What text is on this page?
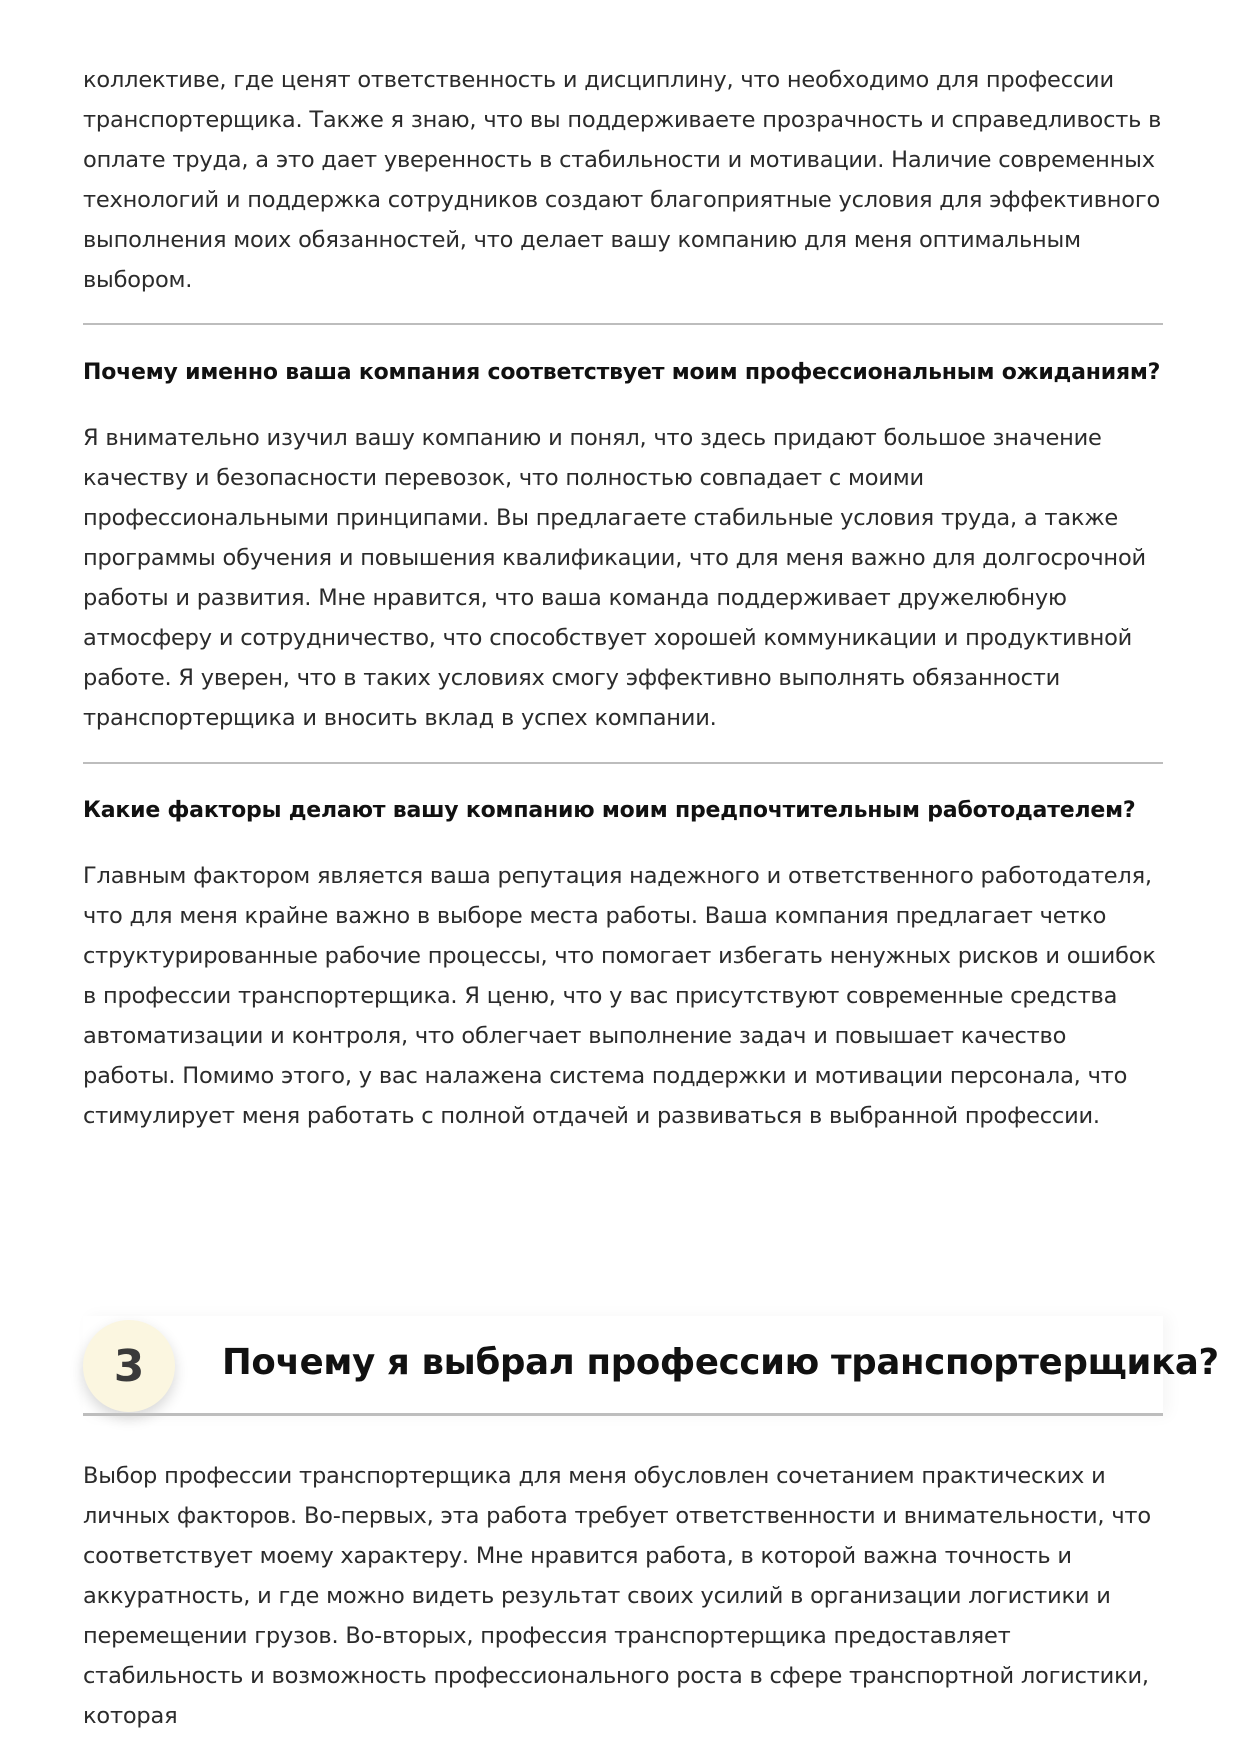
коллективе, где ценят ответственность и дисциплину, что необходимо для профессии транспортерщика. Также я знаю, что вы поддерживаете прозрачность и справедливость в оплате труда, а это дает уверенность в стабильности и мотивации. Наличие современных технологий и поддержка сотрудников создают благоприятные условия для эффективного выполнения моих обязанностей, что делает вашу компанию для меня оптимальным выбором.

Почему именно ваша компания соответствует моим профессиональным ожиданиям?

Я внимательно изучил вашу компанию и понял, что здесь придают большое значение качеству и безопасности перевозок, что полностью совпадает с моими профессиональными принципами. Вы предлагаете стабильные условия труда, а также программы обучения и повышения квалификации, что для меня важно для долгосрочной работы и развития. Мне нравится, что ваша команда поддерживает дружелюбную атмосферу и сотрудничество, что способствует хорошей коммуникации и продуктивной работе. Я уверен, что в таких условиях смогу эффективно выполнять обязанности транспортерщика и вносить вклад в успех компании.

Какие факторы делают вашу компанию моим предпочтительным работодателем?

Главным фактором является ваша репутация надежного и ответственного работодателя, что для меня крайне важно в выборе места работы. Ваша компания предлагает четко структурированные рабочие процессы, что помогает избегать ненужных рисков и ошибок в профессии транспортерщика. Я ценю, что у вас присутствуют современные средства автоматизации и контроля, что облегчает выполнение задач и повышает качество работы. Помимо этого, у вас налажена система поддержки и мотивации персонала, что стимулирует меня работать с полной отдачей и развиваться в выбранной профессии.

3	Почему я выбрал профессию транспортерщика?

Выбор профессии транспортерщика для меня обусловлен сочетанием практических и личных факторов. Во-первых, эта работа требует ответственности и внимательности, что соответствует моему характеру. Мне нравится работа, в которой важна точность и аккуратность, и где можно видеть результат своих усилий в организации логистики и перемещении грузов. Во-вторых, профессия транспортерщика предоставляет стабильность и возможность профессионального роста в сфере транспортной логистики, которая
